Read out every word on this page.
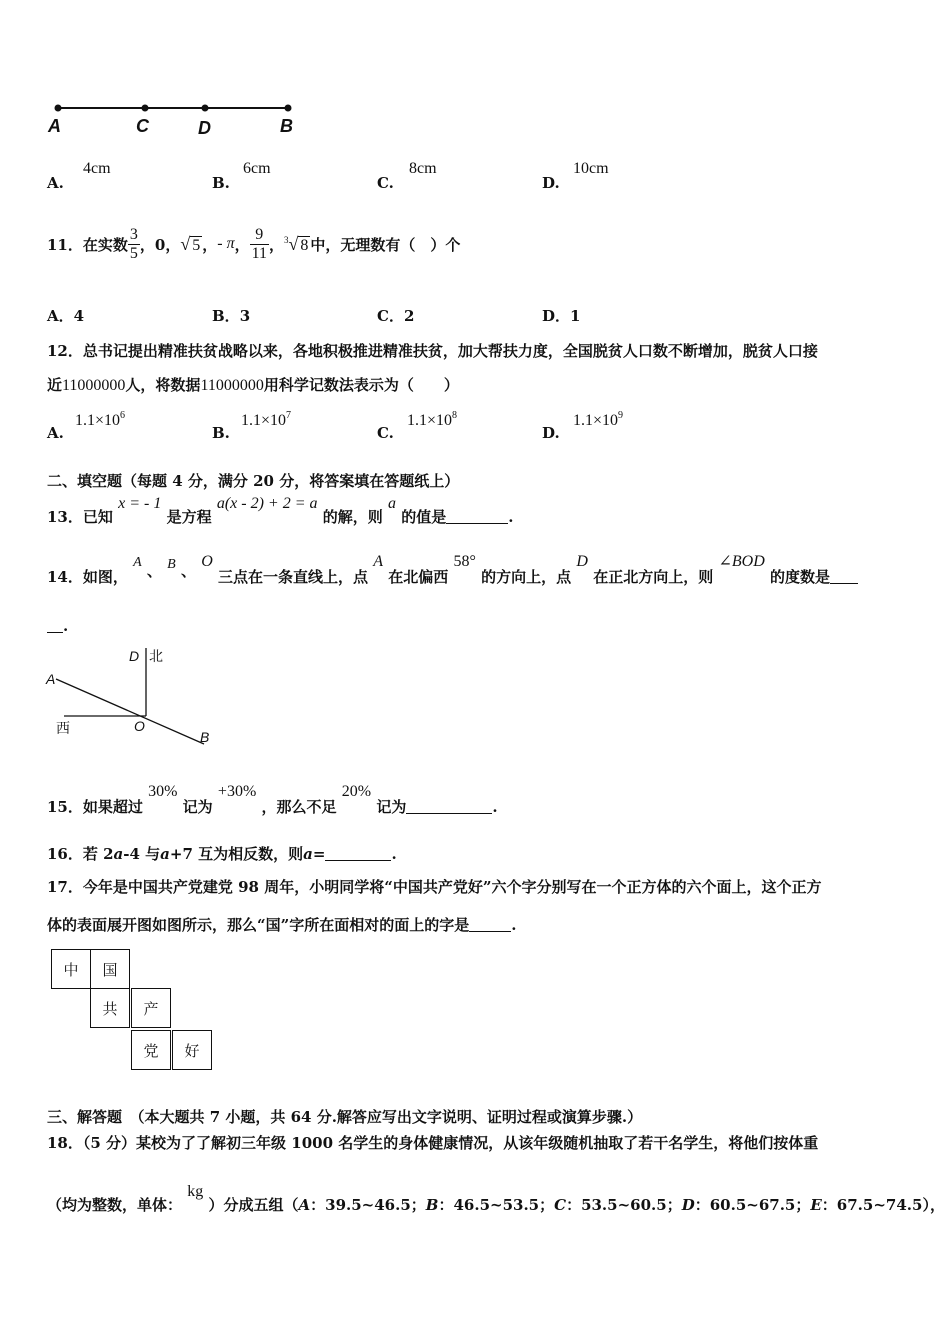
A	C	D	B
A.
4cm
B.
6cm
C.
8cm
D.
10cm
11． 在实数 $\frac{3}{5}$ ，0， √ 5 ， - π ， $\frac{9}{11}$ ， 3 √ 8 中，无理数有（　）个
A．4	B．3	C．2	D．1
12．总书记提出精准扶贫战略以来，各地积极推进精准扶贫，加大帮扶力度，全国脱贫人口数不断增加，脱贫人口接
近11000000人，将数据11000000用科学记数法表示为（　　）
A.
$1.1\times 10^6$
B.
$1.1\times 10^7$
C.
$1.1\times 10^8$
D.
$1.1\times 10^9$
二、填空题（每题 4 分，满分 20 分，将答案填在答题纸上）
13．已知 x = - 1 是方程 a(x - 2) + 2 = a 的解，则 a 的值是	.
14．如图， A 、 B 、 O 三点在一条直线上，点 A 在北偏西 58° 的方向上，点 D 在正北方向上，则 ∠BOD 的度数是
.
D 北
A
西	O
B
15．如果超过 30% 记为 +30% ，那么不足 20% 记为	.
16．若 2a-4 与a+7 互为相反数，则a=	.
17．今年是中国共产党建党 98 周年，小明同学将“中国共产党好”六个字分别写在一个正方体的六个面上，这个正方
体的表面展开图如图所示，那么“国”字所在面相对的面上的字是	.
中	国
共	产
党	好
三、解答题　（本大题共 7 小题，共 64 分.解答应写出文字说明、证明过程或演算步骤.）
18．（5 分）某校为了了解初三年级 1000 名学生的身体健康情况，从该年级随机抽取了若干名学生，将他们按体重
（均为整数，单体： kg ）分成五组（A：39.5~46.5；B：46.5~53.5；C：53.5~60.5；D：60.5~67.5；E：67.5~74.5），
